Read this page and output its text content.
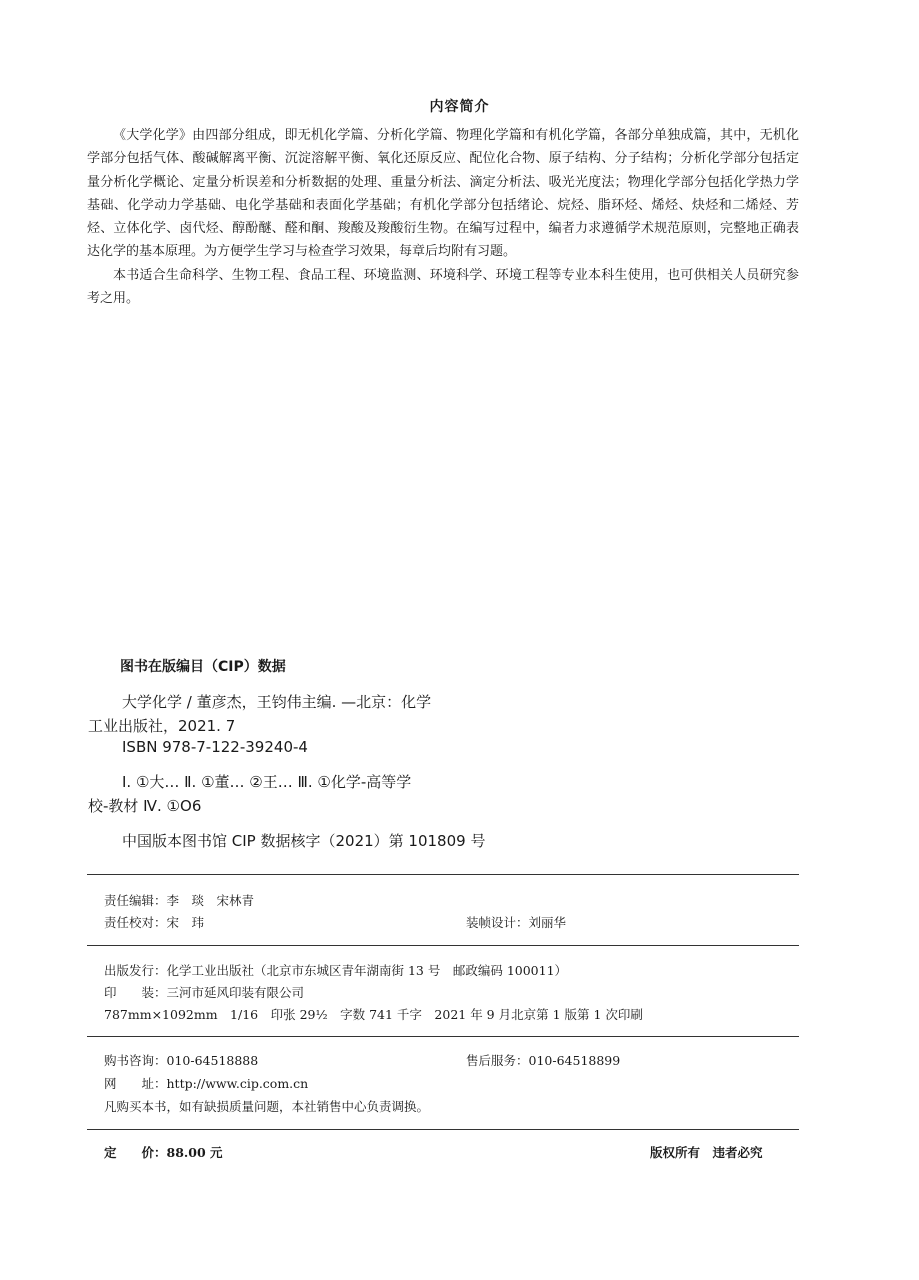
内容简介

《大学化学》由四部分组成，即无机化学篇、分析化学篇、物理化学篇和有机化学篇，各部分单独成篇，其中，无机化学部分包括气体、酸碱解离平衡、沉淀溶解平衡、氧化还原反应、配位化合物、原子结构、分子结构；分析化学部分包括定量分析化学概论、定量分析误差和分析数据的处理、重量分析法、滴定分析法、吸光光度法；物理化学部分包括化学热力学基础、化学动力学基础、电化学基础和表面化学基础；有机化学部分包括绪论、烷烃、脂环烃、烯烃、炔烃和二烯烃、芳烃、立体化学、卤代烃、醇酚醚、醛和酮、羧酸及羧酸衍生物。在编写过程中，编者力求遵循学术规范原则，完整地正确表达化学的基本原理。为方便学生学习与检查学习效果，每章后均附有习题。

本书适合生命科学、生物工程、食品工程、环境监测、环境科学、环境工程等专业本科生使用，也可供相关人员研究参考之用。

图书在版编目（CIP）数据
大学化学 / 董彦杰，王钧伟主编. —北京：化学
工业出版社，2021. 7
ISBN 978-7-122-39240-4
Ⅰ. ①大… Ⅱ. ①董… ②王… Ⅲ. ①化学-高等学
校-教材 Ⅳ. ①O6
中国版本图书馆 CIP 数据核字（2021）第 101809 号
责任编辑：李　琰　宋林青
责任校对：宋　玮	装帧设计：刘丽华
出版发行：化学工业出版社（北京市东城区青年湖南街 13 号　邮政编码 100011）
印　　装：三河市延风印装有限公司
787mm×1092mm　1/16　印张 29½　字数 741 千字　2021 年 9 月北京第 1 版第 1 次印刷
购书咨询：010-64518888	售后服务：010-64518899
网　　址：http://www.cip.com.cn
凡购买本书，如有缺损质量问题，本社销售中心负责调换。
定　　价：88.00 元	版权所有　违者必究
